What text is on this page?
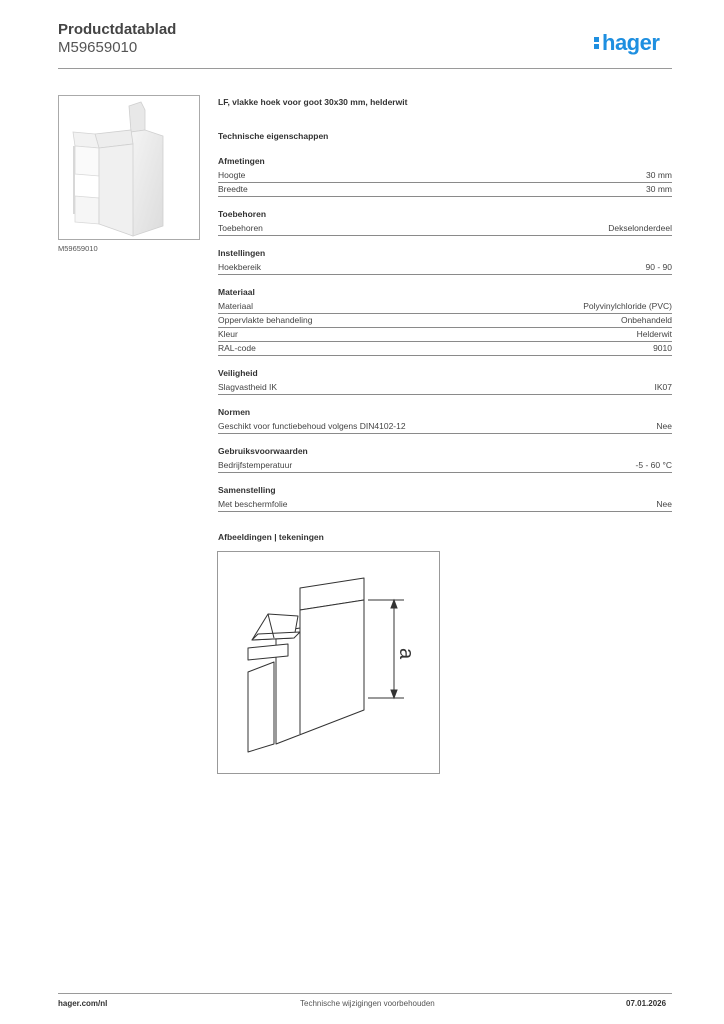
Productdatablad
M59659010	hager
M59659010
LF, vlakke hoek voor goot 30x30 mm, helderwit
Technische eigenschappen
Afmetingen
Hoogte	30 mm
Breedte	30 mm
Toebehoren
Toebehoren	Dekselonderdeel
Instellingen
Hoekbereik	90 - 90
Materiaal
Materiaal	Polyvinylchloride (PVC)
Oppervlakte behandeling	Onbehandeld
Kleur	Helderwit
RAL-code	9010
Veiligheid
Slagvastheid IK	IK07
Normen
Geschikt voor functiebehoud volgens DIN4102-12	Nee
Gebruiksvoorwaarden
Bedrijfstemperatuur	-5 - 60 °C
Samenstelling
Met beschermfolie	Nee
Afbeeldingen | tekeningen
a
hager.com/nl	Technische wijzigingen voorbehouden	07.01.2026
